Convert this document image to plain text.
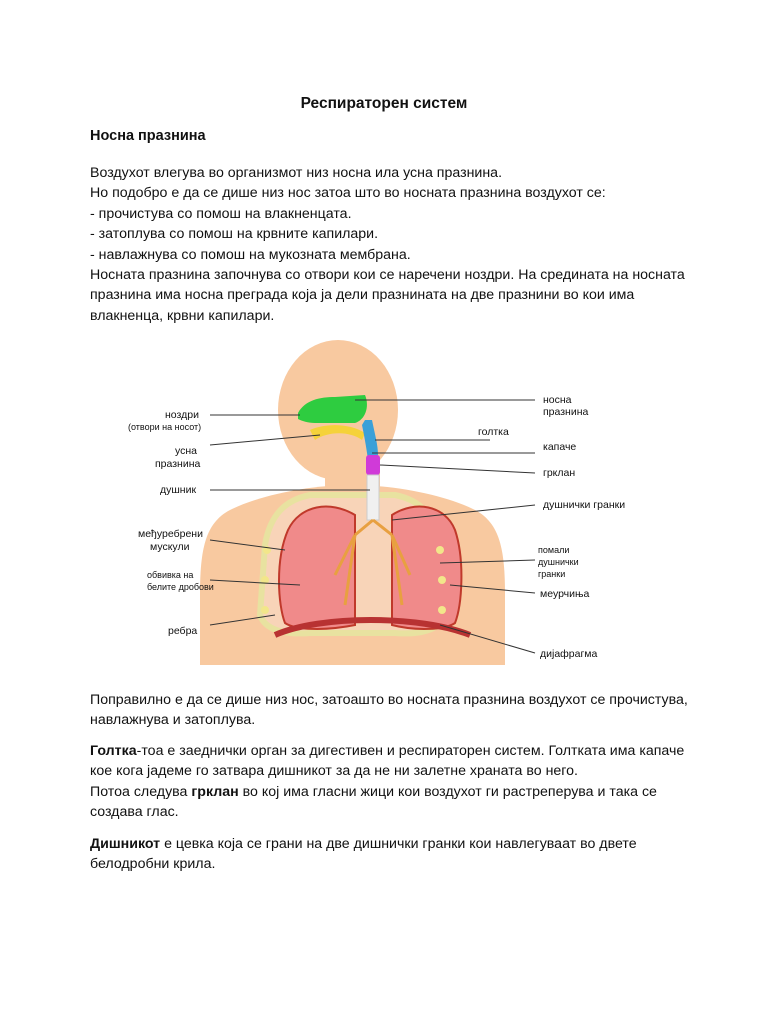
Респираторен систем
Носна празнина
Воздухот влегува во организмот низ носна ила усна празнина.
Но подобро е да се дише низ нос затоа што во носната празнина воздухот се:
- прочистува со помош на влакненцата.
- затоплува со помош на крвните капилари.
- навлажнува со помош на мукозната мембрана.
Носната празнина започнува со отвори кои се наречени ноздри. На средината на носната
празнина има носна преграда која ја дели празнината на две празнини во кои има
влакненца, крвни капилари.
ноздри
(отвори на носот)
усна
празнина
душник
међуребрени
мускули
обвивка на
белите дробови
ребра
носна
празнина
голтка
капаче
грклан
душнички гранки
помали
душнички
гранки
меурчиња
дијафрагма
Поправилно е да се дише низ нос, затоашто во носната празнина воздухот се прочистува,
навлажнува и затоплува.
Голтка-тоа е заеднички орган за дигестивен и респираторен систем. Голтката има капаче
кое кога јадеме го затвара дишникот за да не ни залетне храната во него.
Потоа следува грклан во кој има гласни жици кои воздухот ги растреперува и така се
создава глас.
Дишникот е цевка која се грани на две дишнички гранки кои навлегуваат во двете
белодробни крила.
